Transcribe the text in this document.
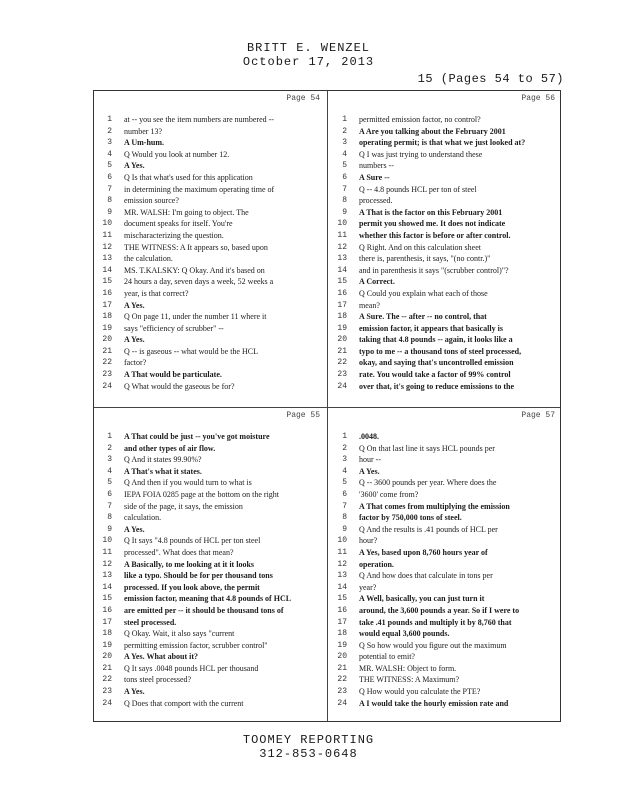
BRITT E. WENZEL
October 17, 2013
15 (Pages 54 to 57)
Page 54
1 at -- you see the item numbers are numbered --
2 number 13?
3 A Um-hum.
4 Q Would you look at number 12.
5 A Yes.
6 Q Is that what's used for this application
7 in determining the maximum operating time of
8 emission source?
9 MR. WALSH: I'm going to object. The
10 document speaks for itself. You're
11 mischaracterizing the question.
12 THE WITNESS: A It appears so, based upon
13 the calculation.
14 MS. T.KALSKY: Q Okay. And it's based on
15 24 hours a day, seven days a week, 52 weeks a
16 year, is that correct?
17 A Yes.
18 Q On page 11, under the number 11 where it
19 says "efficiency of scrubber" --
20 A Yes.
21 Q -- is gaseous -- what would be the HCL
22 factor?
23 A That would be particulate.
24 Q What would the gaseous be for?
Page 56
1 permitted emission factor, no control?
2 A Are you talking about the February 2001
3 operating permit; is that what we just looked at?
4 Q I was just trying to understand these
5 numbers --
6 A Sure --
7 Q -- 4.8 pounds HCL per ton of steel
8 processed.
9 A That is the factor on this February 2001
10 permit you showed me. It does not indicate
11 whether this factor is before or after control.
12 Q Right. And on this calculation sheet
13 there is, parenthesis, it says, "(no contr.)"
14 and in parenthesis it says "(scrubber control)"?
15 A Correct.
16 Q Could you explain what each of those
17 mean?
18 A Sure. The -- after -- no control, that
19 emission factor, it appears that basically is
20 taking that 4.8 pounds -- again, it looks like a
21 typo to me -- a thousand tons of steel processed,
22 okay, and saying that's uncontrolled emission
23 rate. You would take a factor of 99% control
24 over that, it's going to reduce emissions to the
Page 55
1 A That could be just -- you've got moisture
2 and other types of air flow.
3 Q And it states 99.90%?
4 A That's what it states.
5 Q And then if you would turn to what is
6 IEPA FOIA 0285 page at the bottom on the right
7 side of the page, it says, the emission
8 calculation.
9 A Yes.
10 Q It says "4.8 pounds of HCL per ton steel
11 processed". What does that mean?
12 A Basically, to me looking at it it looks
13 like a typo. Should be for per thousand tons
14 processed. If you look above, the permit
15 emission factor, meaning that 4.8 pounds of HCL
16 are emitted per -- it should be thousand tons of
17 steel processed.
18 Q Okay. Wait, it also says "current
19 permitting emission factor, scrubber control"
20 A Yes. What about it?
21 Q It says .0048 pounds HCL per thousand
22 tons steel processed?
23 A Yes.
24 Q Does that comport with the current
Page 57
1 .0048.
2 Q On that last line it says HCL pounds per
3 hour --
4 A Yes.
5 Q -- 3600 pounds per year. Where does the
6 '3600' come from?
7 A That comes from multiplying the emission
8 factor by 750,000 tons of steel.
9 Q And the results is .41 pounds of HCL per
10 hour?
11 A Yes, based upon 8,760 hours year of
12 operation.
13 Q And how does that calculate in tons per
14 year?
15 A Well, basically, you can just turn it
16 around, the 3,600 pounds a year. So if I were to
17 take .41 pounds and multiply it by 8,760 that
18 would equal 3,600 pounds.
19 Q So how would you figure out the maximum
20 potential to emit?
21 MR. WALSH: Object to form.
22 THE WITNESS: A Maximum?
23 Q How would you calculate the PTE?
24 A I would take the hourly emission rate and
TOOMEY REPORTING
312-853-0648
